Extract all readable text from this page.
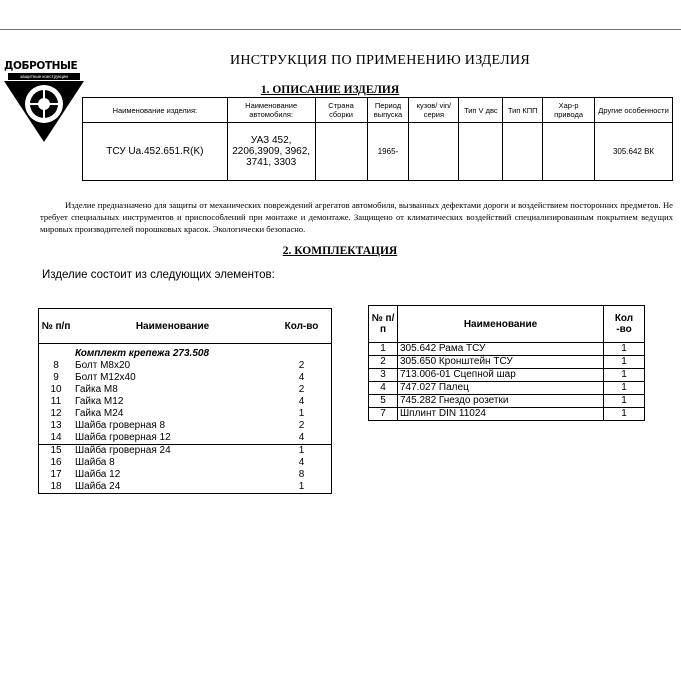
ДОБРОТНЫЕ
защитные конструкции
ИНСТРУКЦИЯ ПО ПРИМЕНЕНИЮ ИЗДЕЛИЯ
1. ОПИСАНИЕ ИЗДЕЛИЯ
Наименование изделия:	Наименование автомобиля:	Страна сборки	Период выпуска	кузов/ vin/серия	Тип V двс	Тип КПП	Хар-р привода	Другие особенности
ТСУ Ua.452.651.R(K)	УАЗ 452, 2206,3909, 3962, 3741, 3303		1965-					305.642 ВК
Изделие предназначено для защиты от механических повреждений агрегатов автомобиля, вызванных дефектами дороги и воздействием посторонних предметов. Не требует специальных инструментов и приспособлений при монтаже и демонтаже. Защищено от климатических воздействий специализированным покрытием ведущих мировых производителей порошковых красок. Экологически безопасно.
2. КОМПЛЕКТАЦИЯ
Изделие состоит из следующих элементов:
№ п/п	Наименование	Кол-во
	Комплект крепежа 273.508	
8	Болт М8х20	2
9	Болт М12х40	4
10	Гайка М8	2
11	Гайка М12	4
12	Гайка М24	1
13	Шайба гроверная 8	2
14	Шайба гроверная 12	4
15	Шайба гроверная 24	1
16	Шайба 8	4
17	Шайба 12	8
18	Шайба 24	1
№ п/п	Наименование	Кол -во
1	305.642 Рама ТСУ	1
2	305.650 Кронштейн ТСУ	1
3	713.006-01 Сцепной шар	1
4	747.027 Палец	1
5	745.282 Гнездо розетки	1
7	Шплинт DIN 11024	1
